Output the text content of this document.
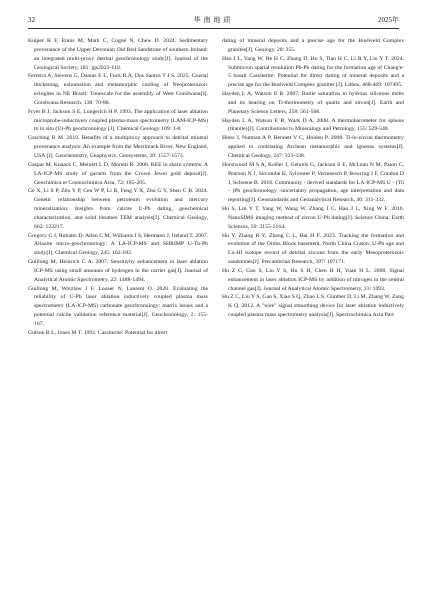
32	华南地质	2025年

Kuiper K F, Ennis M, Mark C, Cogné N, Chew D. 2024. Sedimentary provenance of the Upper Devonian Old Red Sandstone of southern Ireland: an integrated multi-proxy detrital geochronology study[J]. Journal of the Geological Society, 181: jgs2023-110.

Ferreira A, Stevens G, Dantas E L, Fuck R A, Dos Santos T J S. 2025. Crustal thickening, exhumation and metamorphic cooling of Neoproterozoic eclogites in NE Brazil: Timescale for the assembly of West Gondwana[J]. Gondwana Research, 138: 70-88.

Fryer B J, Jackson S E, Longerich H P. 1993. The application of laser ablation microprobe-inductively coupled plasma-mass spectrometry (LAM-ICP-MS) to in situ (U)-Pb geochronology [J]. Chemical Geology 109: 1-8.

Gasching R M. 2019. Benefits of a multiproxy approach to detrital mineral provenance analysis: An example from the Merrimack River, New England, USA [J]. Geochemistry, Geophysics, Geosystems, 20: 1557-1573.

Gaspar M, Knaack C, Meinert L D, Moretti R. 2008. REE in skarn systems: A LA-ICP-MS study of garnets from the Crown Jewel gold deposit[J]. Geochimica et Cosmochimica Acta, 72: 185-205.

Ge X, Li S P, Zhu Y P, Cen W P, Li B, Feng Y X, Zhu G Y, Shen C B. 2024. Genetic relationship between petroleum evolution and mercury mineralization: Insights from calcite U-Pb dating, geochemical characterization, and solid bitumen TEM analysis[J]. Chemical Geology, 662: 122217.

Gregory C J, Rubatto D, Allen C M, Williams I S, Hermann J, Ireland T. 2007. Allanite micro-geochronology: A LA-ICP-MS and SHRIMP U-Th-Pb study[J]. Chemical Geology, 245: 162-182.

Guillong M, Heinrich C A. 2007. Sensitivity enhancement in laser ablation ICP-MS using small amounts of hydrogen in the carrier gas[J]. Journal of Analytical Atomic Spectrometry, 22: 1488-1494.

Guillong M, Wotzlaw J F, Looser N, Laurent O. 2020. Evaluating the reliability of U-Pb laser ablation inductively coupled plasma mass spectrometry (LA-ICP-MS) carbonate geochronology: matrix issues and a potential calcite validation reference material[J]. Geochronology, 2: 155-167.

Gulson B L, Jones M T. 1992. Cassiterite: Potential for direct

dating of mineral deposits and a precise age for the Bushveld Complex granites[J]. Geology, 20: 355.

Hao J L, Yang W, He H C, Zhang D, Hu S, Tian H C, Li R Y, Lin Y T. 2024. Submicron spatial resolution Pb-Pb dating for the formation age of Chang'e-5 basalt Cassiterite: Potential for direct dating of mineral deposits and a precise age for the Bushveld Complex granites [J]. Lithos, 468-469: 107495.

Hayden L A, Watson E B. 2007. Rutile saturation in hydrous siliceous melts and its bearing on Ti-thermometry of quartz and zircon[J]. Earth and Planetary Science Letters, 258: 561-568.

Hayden L A, Watson E B, Wark D A. 2008. A thermobarometer for sphene (titanite)[J]. Contributions to Mineralogy and Petrology, 155: 529-540.

Hiess J, Nutman A P, Bennett V C, Holden P. 2008. Ti-in-zircon thermometry applied to contrasting Archean metamorphic and igneous systems[J]. Chemical Geology, 247: 323-338.

Horstwood M S A, Košler J, Gehrels G, Jackson S E, McLean N M, Paton C, Pearson N J, Sircombe K, Sylvester P, Vermeesch P, Bowring J F, Condon D J, Schoene B. 2016. Community - derived standards for LA-ICP-MS U - (Th - )Pb geochronology -uncertainty propagation, age interpretation and data reporting[J]. Geostandards and Geoanalytical Research, 40: 311-332.

Hu S, Lin Y T, Yang W, Wang W, Zhang J C, Hao J L, Xing W F. 2016. NanoSIMS imaging method of zircon U-Pb dating[J]. Science China: Earth Sciences, 59: 2155-2164.

Hu Y, Zhang R Y, Zhang C L, Bai H F. 2023. Tracking the formation and evolution of the Ordos Block basement, North China Craton: U-Pb age and Lu-Hf isotope record of detrital zircons from the early Mesoproterozoic sandstones[J]. Precambrian Research, 397: 107171.

Hu Z C, Gao S, Liu Y S, Hu S H, Chen H H, Yuan H L. 2008. Signal enhancement in laser ablation ICP-MS by addition of nitrogen in the central channel gas[J]. Journal of Analytical Atomic Spectrometry, 23: 1093.

Hu Z C, Liu Y S, Gao S, Xiao S Q, Zhao L S, Günther D, Li M, Zhang W, Zong K Q. 2012. A "wire" signal smoothing device for laser ablation inductively coupled plasma mass spectrometry analysis[J]. Spectrochimica Acta Part
